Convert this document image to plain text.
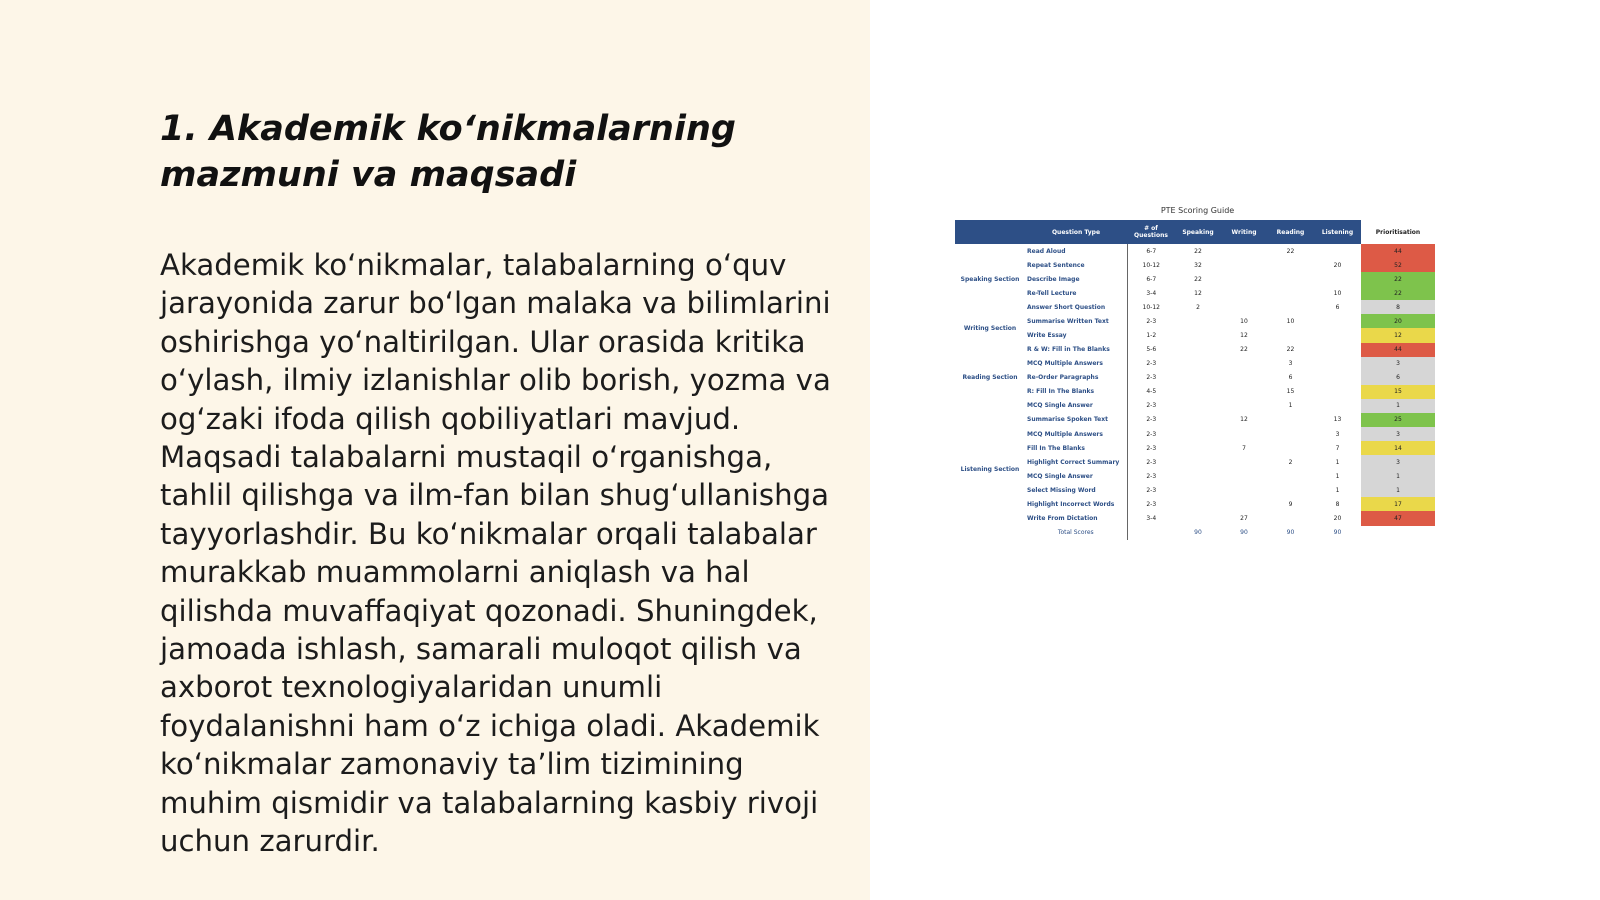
1. Akademik ko‘nikmalarning mazmuni va maqsadi

Akademik ko‘nikmalar, talabalarning o‘quv jarayonida zarur bo‘lgan malaka va bilimlarini oshirishga yo‘naltirilgan. Ular orasida kritika o‘ylash, ilmiy izlanishlar olib borish, yozma va og‘zaki ifoda qilish qobiliyatlari mavjud. Maqsadi talabalarni mustaqil o‘rganishga, tahlil qilishga va ilm-fan bilan shug‘ullanishga tayyorlashdir. Bu ko‘nikmalar orqali talabalar murakkab muammolarni aniqlash va hal qilishda muvaffaqiyat qozonadi. Shuningdek, jamoada ishlash, samarali muloqot qilish va axborot texnologiyalaridan unumli foydalanishni ham o‘z ichiga oladi. Akademik ko‘nikmalar zamonaviy ta’lim tizimining muhim qismidir va talabalarning kasbiy rivoji uchun zarurdir.

PTE Scoring Guide
	Question Type	# of Questions	Speaking	Writing	Reading	Listening	Prioritisation
Speaking Section	Read Aloud	6-7	22		22		44
	Repeat Sentence	10-12	32			20	52
	Describe Image	6-7	22				22
	Re-Tell Lecture	3-4	12			10	22
	Answer Short Question	10-12	2			6	8
Writing Section	Summarise Written Text	2-3		10	10		20
	Write Essay	1-2		12			12
Reading Section	R & W: Fill in The Blanks	5-6		22	22		44
	MCQ Multiple Answers	2-3			3		3
	Re-Order Paragraphs	2-3			6		6
	R: Fill In The Blanks	4-5			15		15
	MCQ Single Answer	2-3			1		1
Listening Section	Summarise Spoken Text	2-3		12		13	25
	MCQ Multiple Answers	2-3				3	3
	Fill In The Blanks	2-3		7		7	14
	Highlight Correct Summary	2-3			2	1	3
	MCQ Single Answer	2-3				1	1
	Select Missing Word	2-3				1	1
	Highlight Incorrect Words	2-3			9	8	17
	Write From Dictation	3-4		27		20	47
	Total Scores		90	90	90	90	
